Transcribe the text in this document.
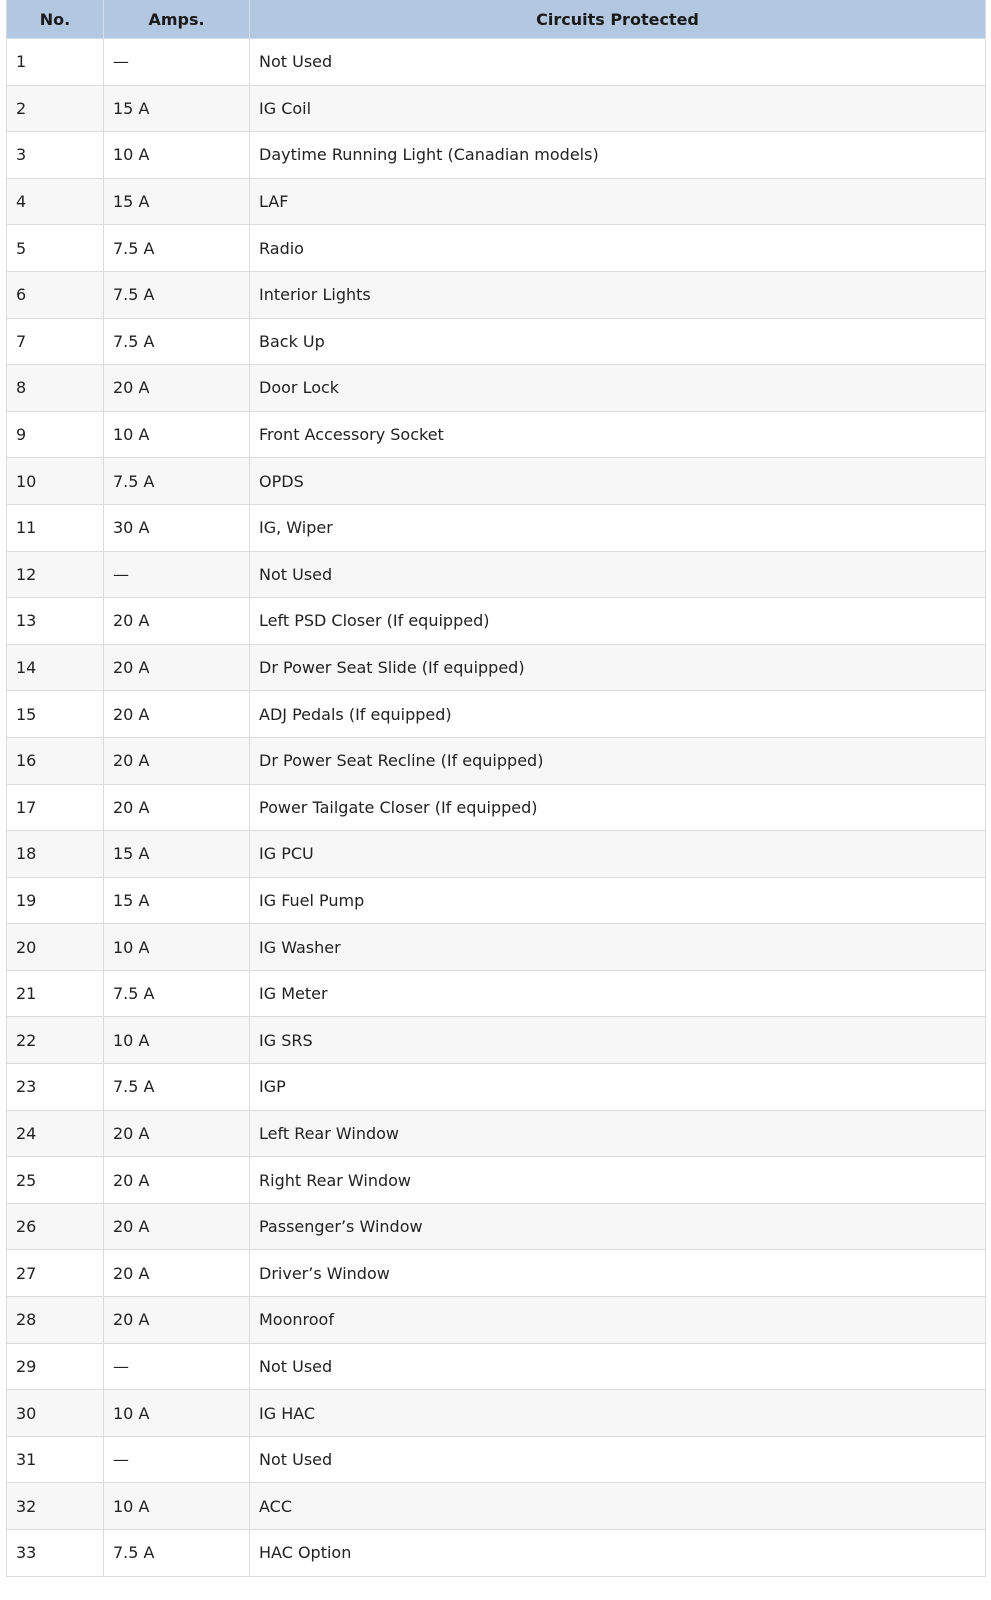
No.	Amps.	Circuits Protected
1	—	Not Used
2	15 A	IG Coil
3	10 A	Daytime Running Light (Canadian models)
4	15 A	LAF
5	7.5 A	Radio
6	7.5 A	Interior Lights
7	7.5 A	Back Up
8	20 A	Door Lock
9	10 A	Front Accessory Socket
10	7.5 A	OPDS
11	30 A	IG, Wiper
12	—	Not Used
13	20 A	Left PSD Closer (If equipped)
14	20 A	Dr Power Seat Slide (If equipped)
15	20 A	ADJ Pedals (If equipped)
16	20 A	Dr Power Seat Recline (If equipped)
17	20 A	Power Tailgate Closer (If equipped)
18	15 A	IG PCU
19	15 A	IG Fuel Pump
20	10 A	IG Washer
21	7.5 A	IG Meter
22	10 A	IG SRS
23	7.5 A	IGP
24	20 A	Left Rear Window
25	20 A	Right Rear Window
26	20 A	Passenger’s Window
27	20 A	Driver’s Window
28	20 A	Moonroof
29	—	Not Used
30	10 A	IG HAC
31	—	Not Used
32	10 A	ACC
33	7.5 A	HAC Option
